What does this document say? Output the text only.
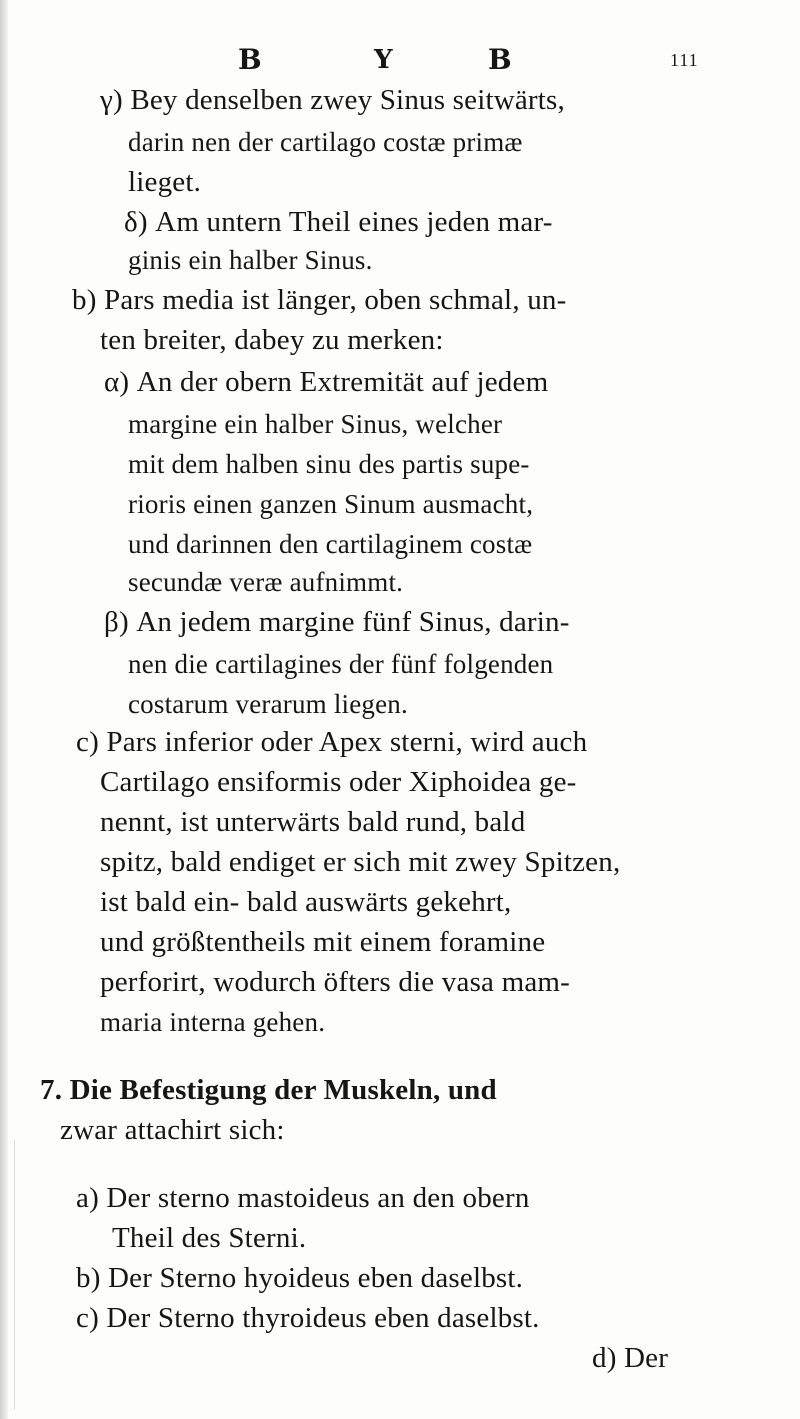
B	Y	B	111
γ) Bey denselben zwey Sinus seitwärts,
darin nen der cartilago costæ primæ
lieget.
δ) Am untern Theil eines jeden mar-
ginis ein halber Sinus.
b) Pars media ist länger, oben schmal, un-
ten breiter, dabey zu merken:
α) An der obern Extremität auf jedem
margine ein halber Sinus, welcher
mit dem halben sinu des partis supe-
rioris einen ganzen Sinum ausmacht,
und darinnen den cartilaginem costæ
secundæ veræ aufnimmt.
β) An jedem margine fünf Sinus, darin-
nen die cartilagines der fünf folgenden
costarum verarum liegen.
c) Pars inferior oder Apex sterni, wird auch
Cartilago ensiformis oder Xiphoidea ge-
nennt, ist unterwärts bald rund, bald
spitz, bald endiget er sich mit zwey Spitzen,
ist bald ein- bald auswärts gekehrt,
und größtentheils mit einem foramine
perforirt, wodurch öfters die vasa mam-
maria interna gehen.
7. Die Befestigung der Muskeln, und
zwar attachirt sich:
a) Der sterno mastoideus an den obern
Theil des Sterni.
b) Der Sterno hyoideus eben daselbst.
c) Der Sterno thyroideus eben daselbst.
d) Der
